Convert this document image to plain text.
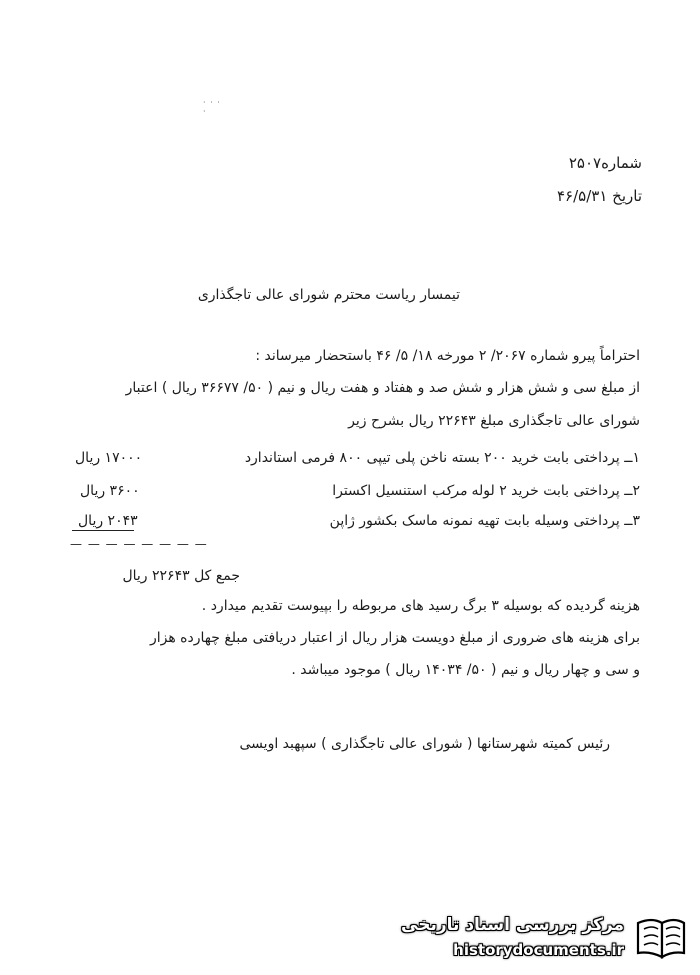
· · · ·
شماره۲۵۰۷
تاریخ ۴۶/۵/۳۱
تیمسار ریاست محترم شورای عالی تاجگذاری
احتراماً پیرو شماره ۲۰۶۷/ ۲ مورخه ۱۸/ ۵/ ۴۶ باستحضار میرساند :
از مبلغ سی و شش هزار و شش صد و هفتاد و هفت ریال و نیم ( ۵۰/ ۳۶۶۷۷ ریال ) اعتبار
شورای عالی تاجگذاری مبلغ ۲۲۶۴۳ ریال بشرح زیر
۱ــ پرداختی بابت خرید ۲۰۰ بسته ناخن پلی تیپی ۸۰۰ فرمی استاندارد
۱۷۰۰۰ ریال
۲ــ پرداختی بابت خرید ۲ لوله مرکب استنسیل اکسترا
۳۶۰۰ ریال
۳ــ پرداختی وسیله بابت تهیه نمونه ماسک بکشور ژاپن
۲۰۴۳ ریال
— — — — — — — —
جمع کل ۲۲۶۴۳ ریال
هزینه گردیده که بوسیله ۳ برگ رسید های مربوطه را بپیوست تقدیم میدارد .
برای هزینه های ضروری از مبلغ دویست هزار ریال از اعتبار دریافتی مبلغ چهارده هزار
و سی و چهار ریال و نیم ( ۵۰/ ۱۴۰۳۴ ریال ) موجود میباشد .
رئیس کمیته شهرستانها ( شورای عالی تاجگذاری ) سپهبد اویسی
مرکز بررسی اسناد تاریخی
historydocuments.ir
